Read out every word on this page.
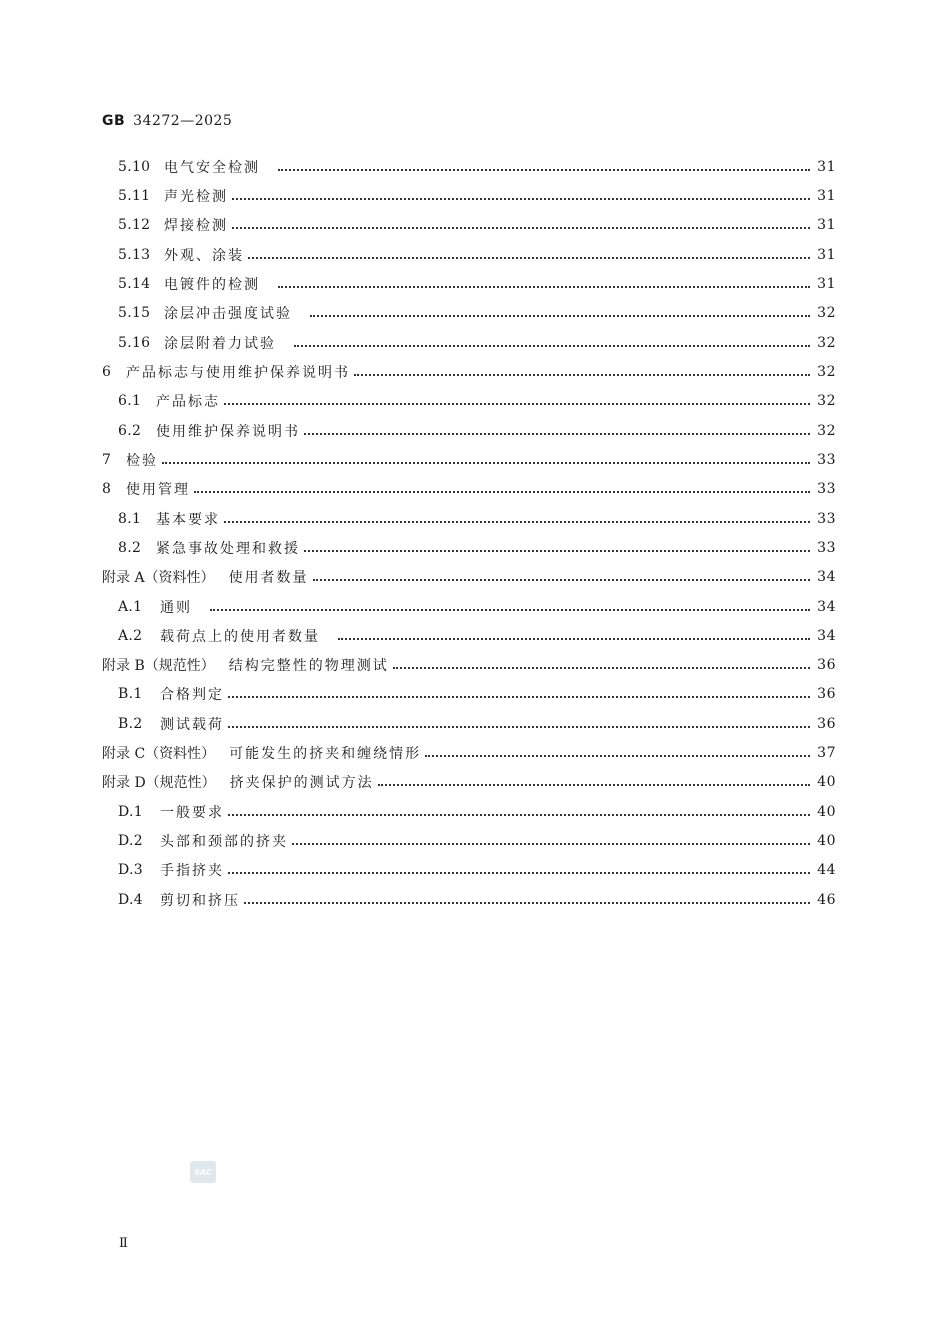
GB 34272—2025
5.10 电气安全检测	31
5.11 声光检测	31
5.12 焊接检测	31
5.13 外观、涂装	31
5.14 电镀件的检测	31
5.15 涂层冲击强度试验	32
5.16 涂层附着力试验	32
6	产品标志与使用维护保养说明书	32
6.1	产品标志	32
6.2	使用维护保养说明书	32
7	检验	33
8	使用管理	33
8.1	基本要求	33
8.2	紧急事故处理和救援	33
附录 A（资料性） 使用者数量	34
A.1	通则	34
A.2	载荷点上的使用者数量	34
附录 B（规范性） 结构完整性的物理测试	36
B.1	合格判定	36
B.2	测试载荷	36
附录 C（资料性） 可能发生的挤夹和缠绕情形	37
附录 D（规范性） 挤夹保护的测试方法	40
D.1	一般要求	40
D.2	头部和颈部的挤夹	40
D.3	手指挤夹	44
D.4	剪切和挤压	46
SAC
Ⅱ
